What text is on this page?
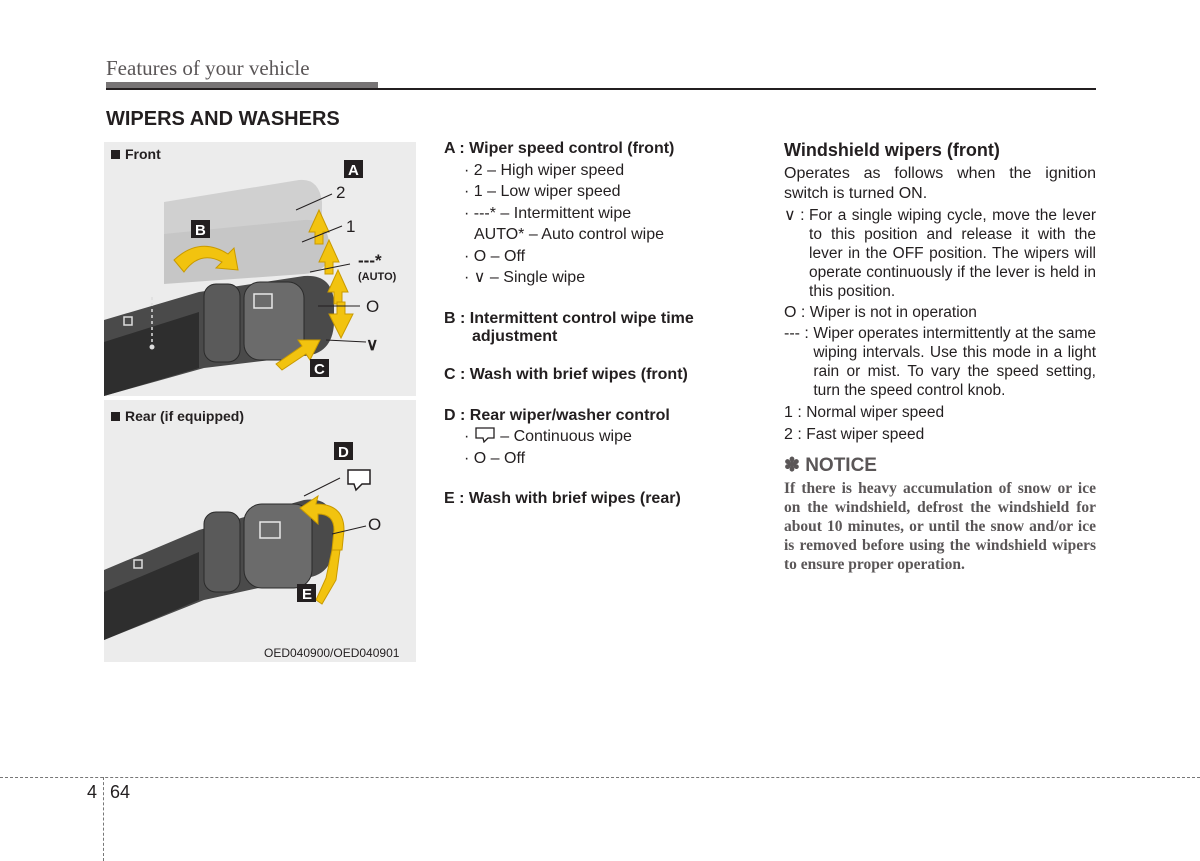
Features of your vehicle
WIPERS AND WASHERS
A
B
C
2
1
---*
(AUTO)
O
∨
Front
D
E
O
Rear (if equipped)
OED040900/OED040901
A : Wiper speed control (front)
· 2 – High wiper speed
· 1 – Low wiper speed
· ---* – Intermittent wipe
AUTO* – Auto control wipe
· O – Off
· ∨ – Single wipe
B : Intermittent control wipe time
adjustment
C : Wash with brief wipes (front)
D : Rear wiper/washer control
·  – Continuous wipe
· O – Off
E : Wash with brief wipes (rear)
Windshield wipers (front)
Operates as follows when the ignition switch is turned ON.
∨ : For a single wiping cycle, move the lever to this position and release it with the lever in the OFF position. The wipers will operate continuously if the lever is held in this position.
O : Wiper is not in operation
--- : Wiper operates intermittently at the same wiping intervals. Use this mode in a light rain or mist. To vary the speed setting, turn the speed control knob.
1 : Normal wiper speed
2 : Fast wiper speed
✽ NOTICE
If there is heavy accumulation of snow or ice on the windshield, defrost the windshield for about 10 minutes, or until the snow and/or ice is removed before using the windshield wipers to ensure proper operation.
4 64
